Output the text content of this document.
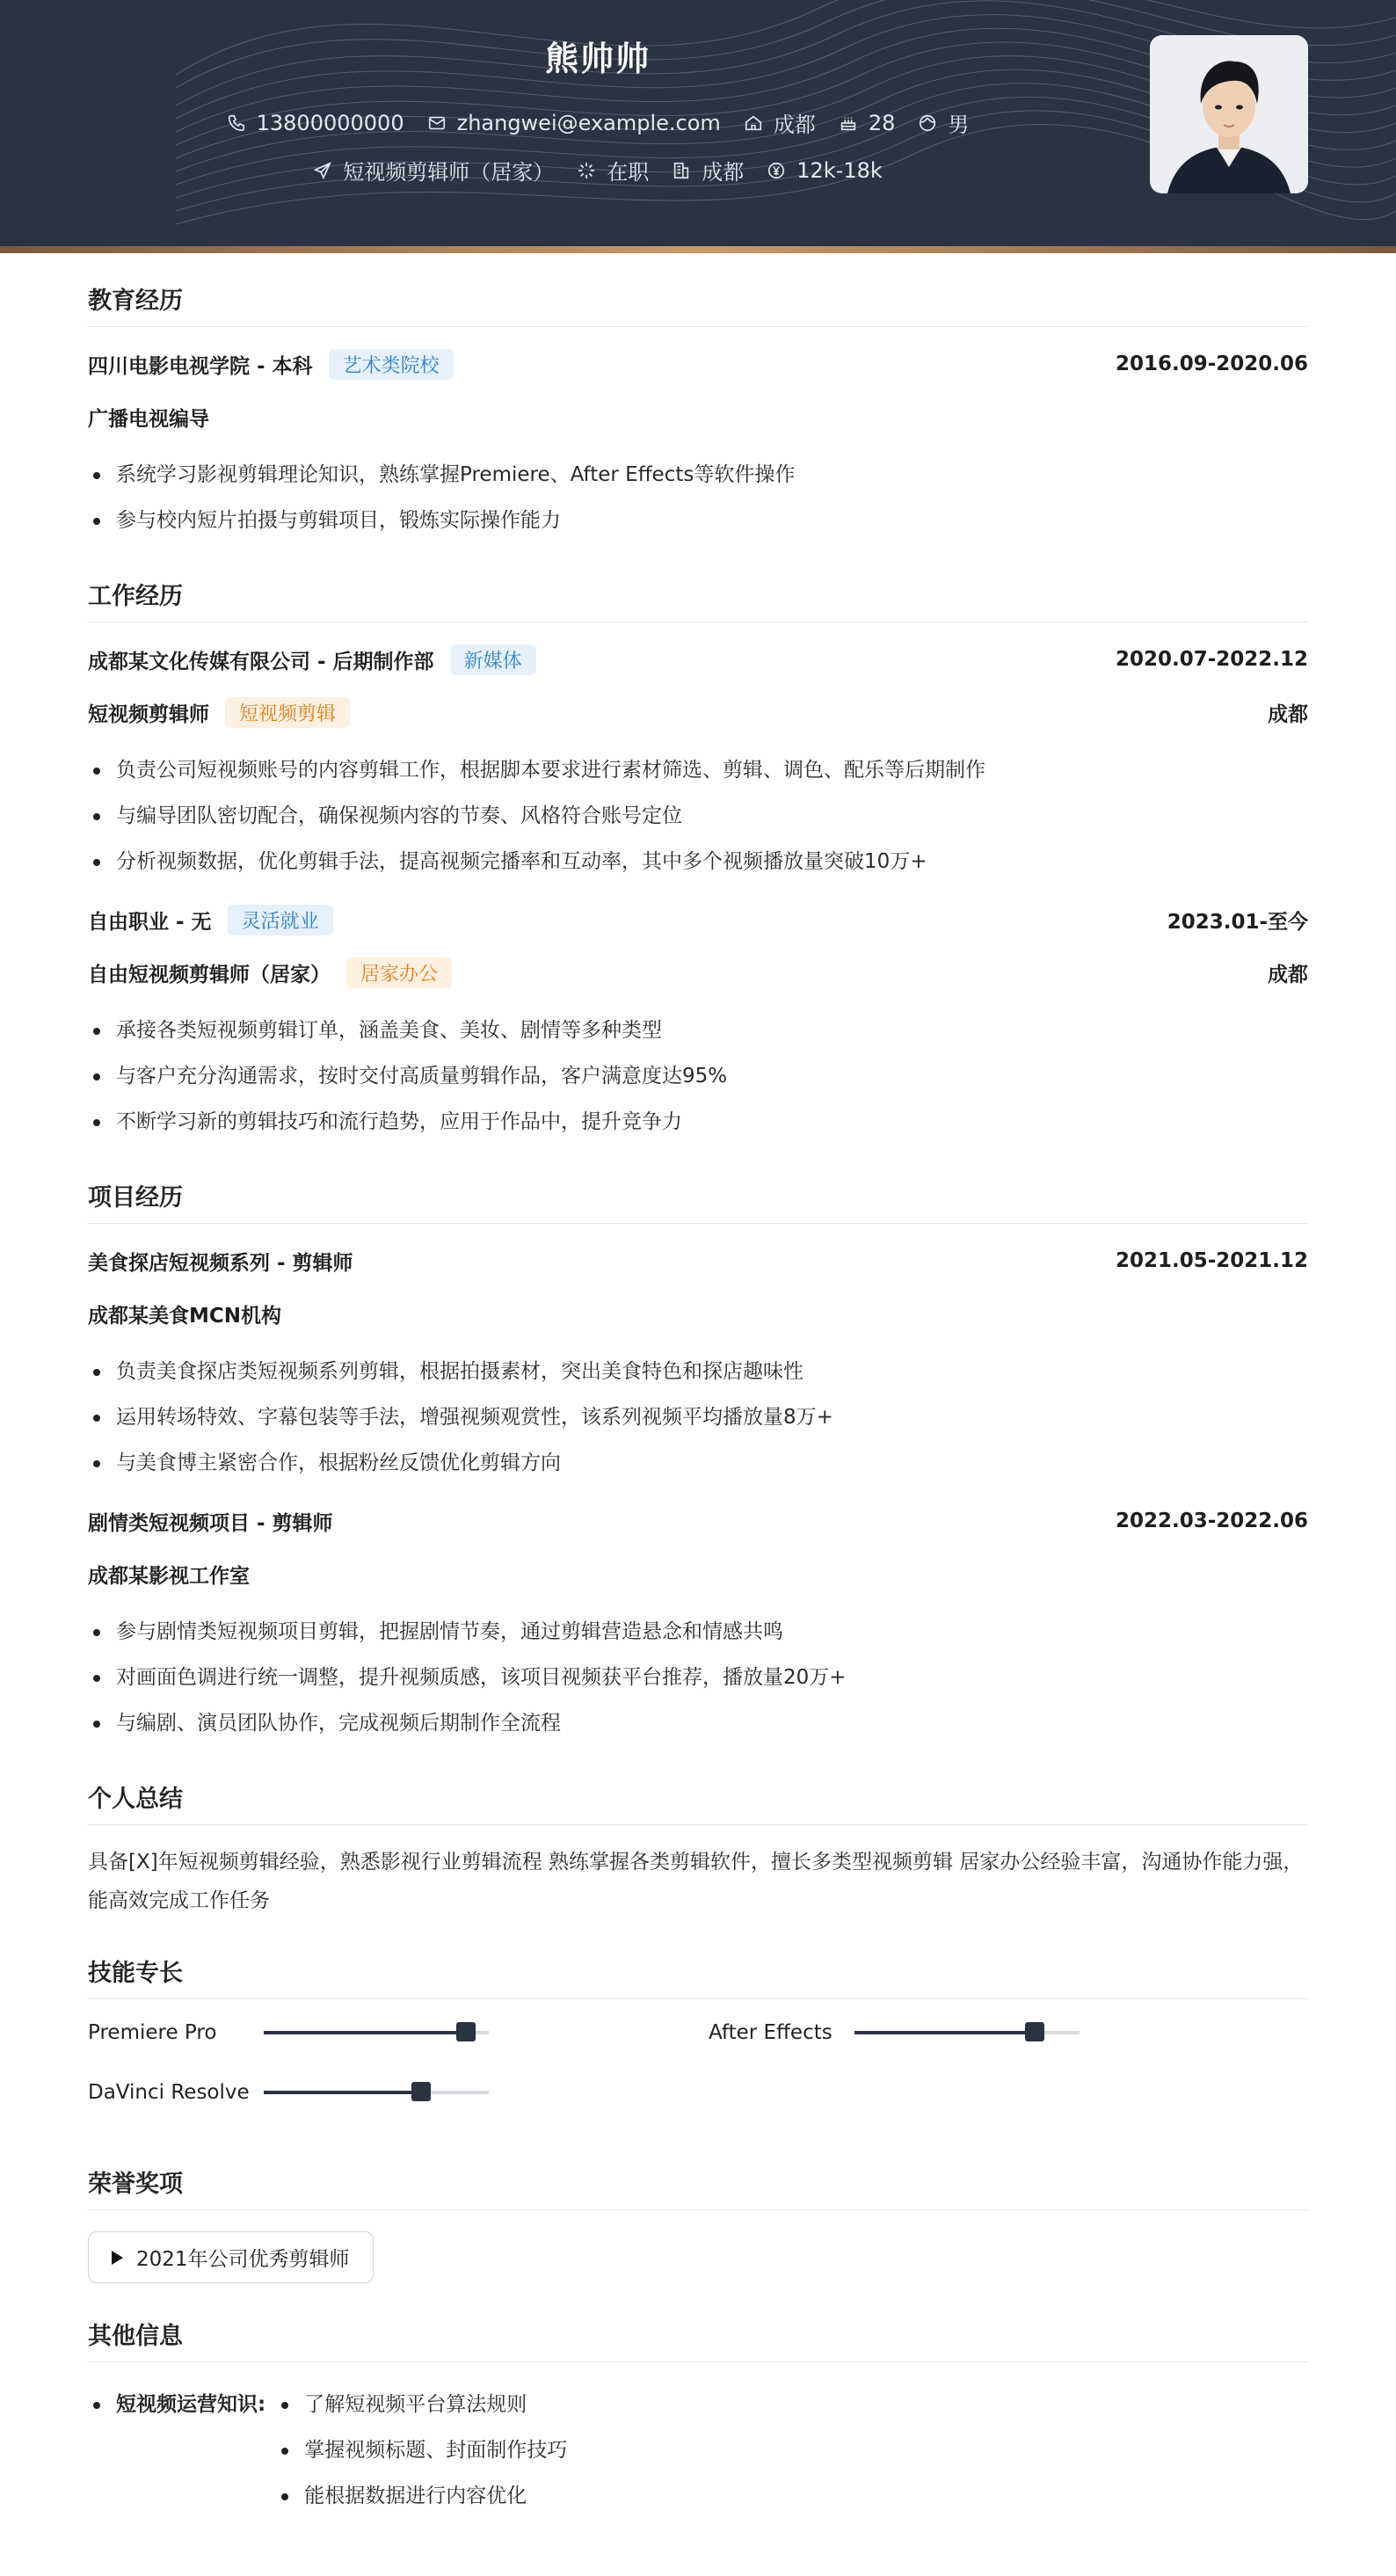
熊帅帅
13800000000	zhangwei@example.com	成都	28	男
短视频剪辑师（居家）	在职	成都	12k-18k
教育经历
四川电影电视学院 - 本科	艺术类院校	2016.09-2020.06
广播电视编导
系统学习影视剪辑理论知识，熟练掌握Premiere、After Effects等软件操作
参与校内短片拍摄与剪辑项目，锻炼实际操作能力
工作经历
成都某文化传媒有限公司 - 后期制作部	新媒体	2020.07-2022.12
短视频剪辑师	短视频剪辑	成都
负责公司短视频账号的内容剪辑工作，根据脚本要求进行素材筛选、剪辑、调色、配乐等后期制作
与编导团队密切配合，确保视频内容的节奏、风格符合账号定位
分析视频数据，优化剪辑手法，提高视频完播率和互动率，其中多个视频播放量突破10万+
自由职业 - 无	灵活就业	2023.01-至今
自由短视频剪辑师（居家）	居家办公	成都
承接各类短视频剪辑订单，涵盖美食、美妆、剧情等多种类型
与客户充分沟通需求，按时交付高质量剪辑作品，客户满意度达95%
不断学习新的剪辑技巧和流行趋势，应用于作品中，提升竞争力
项目经历
美食探店短视频系列 - 剪辑师	2021.05-2021.12
成都某美食MCN机构
负责美食探店类短视频系列剪辑，根据拍摄素材，突出美食特色和探店趣味性
运用转场特效、字幕包装等手法，增强视频观赏性，该系列视频平均播放量8万+
与美食博主紧密合作，根据粉丝反馈优化剪辑方向
剧情类短视频项目 - 剪辑师	2022.03-2022.06
成都某影视工作室
参与剧情类短视频项目剪辑，把握剧情节奏，通过剪辑营造悬念和情感共鸣
对画面色调进行统一调整，提升视频质感，该项目视频获平台推荐，播放量20万+
与编剧、演员团队协作，完成视频后期制作全流程
个人总结
具备[X]年短视频剪辑经验，熟悉影视行业剪辑流程 熟练掌握各类剪辑软件，擅长多类型视频剪辑 居家办公经验丰富，沟通协作能力强，能高效完成工作任务
技能专长
Premiere Pro	After Effects
DaVinci Resolve
荣誉奖项
2021年公司优秀剪辑师
其他信息
短视频运营知识:	了解短视频平台算法规则
掌握视频标题、封面制作技巧
能根据数据进行内容优化
